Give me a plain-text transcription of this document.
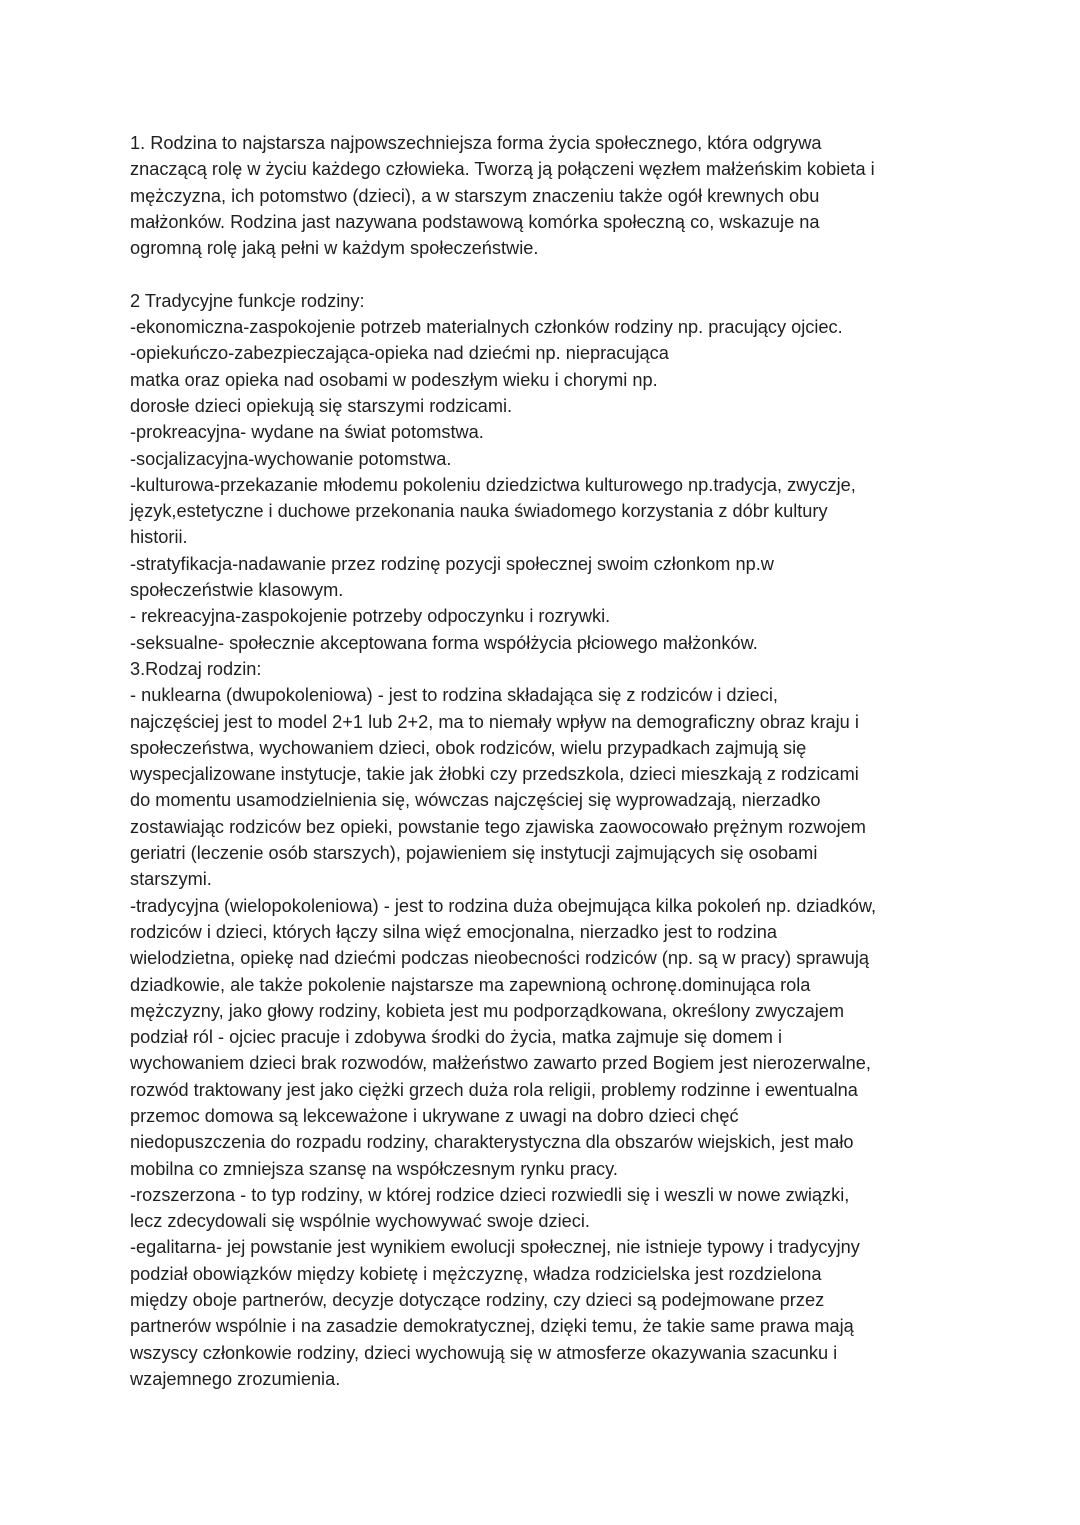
1. Rodzina to najstarsza najpowszechniejsza forma życia społecznego, która odgrywa
znaczącą rolę w życiu każdego człowieka. Tworzą ją połączeni węzłem małżeńskim kobieta i
mężczyzna, ich potomstwo (dzieci), a w starszym znaczeniu także ogół krewnych obu
małżonków. Rodzina jast nazywana podstawową komórka społeczną co, wskazuje na
ogromną rolę jaką pełni w każdym społeczeństwie.
2 Tradycyjne funkcje rodziny:
-ekonomiczna-zaspokojenie potrzeb materialnych członków rodziny np. pracujący ojciec.
-opiekuńczo-zabezpieczająca-opieka nad dziećmi np. niepracująca
matka oraz opieka nad osobami w podeszłym wieku i chorymi np.
dorosłe dzieci opiekują się starszymi rodzicami.
-prokreacyjna- wydane na świat potomstwa.
-socjalizacyjna-wychowanie potomstwa.
-kulturowa-przekazanie młodemu pokoleniu dziedzictwa kulturowego np.tradycja, zwyczje,
język,estetyczne i duchowe przekonania nauka świadomego korzystania z dóbr kultury
historii.
-stratyfikacja-nadawanie przez rodzinę pozycji społecznej swoim członkom np.w
społeczeństwie klasowym.
- rekreacyjna-zaspokojenie potrzeby odpoczynku i rozrywki.
-seksualne- społecznie akceptowana forma współżycia płciowego małżonków.
3.Rodzaj rodzin:
- nuklearna (dwupokoleniowa) - jest to rodzina składająca się z rodziców i dzieci,
najczęściej jest to model 2+1 lub 2+2, ma to niemały wpływ na demograficzny obraz kraju i
społeczeństwa, wychowaniem dzieci, obok rodziców, wielu przypadkach zajmują się
wyspecjalizowane instytucje, takie jak żłobki czy przedszkola, dzieci mieszkają z rodzicami
do momentu usamodzielnienia się, wówczas najczęściej się wyprowadzają, nierzadko
zostawiając rodziców bez opieki, powstanie tego zjawiska zaowocowało prężnym rozwojem
geriatri (leczenie osób starszych), pojawieniem się instytucji zajmujących się osobami
starszymi.
-tradycyjna (wielopokoleniowa) - jest to rodzina duża obejmująca kilka pokoleń np. dziadków,
rodziców i dzieci, których łączy silna więź emocjonalna, nierzadko jest to rodzina
wielodzietna, opiekę nad dziećmi podczas nieobecności rodziców (np. są w pracy) sprawują
dziadkowie, ale także pokolenie najstarsze ma zapewnioną ochronę.dominująca rola
mężczyzny, jako głowy rodziny, kobieta jest mu podporządkowana, określony zwyczajem
podział ról - ojciec pracuje i zdobywa środki do życia, matka zajmuje się domem i
wychowaniem dzieci brak rozwodów, małżeństwo zawarto przed Bogiem jest nierozerwalne,
rozwód traktowany jest jako ciężki grzech duża rola religii, problemy rodzinne i ewentualna
przemoc domowa są lekceważone i ukrywane z uwagi na dobro dzieci chęć
niedopuszczenia do rozpadu rodziny, charakterystyczna dla obszarów wiejskich, jest mało
mobilna co zmniejsza szansę na współczesnym rynku pracy.
-rozszerzona - to typ rodziny, w której rodzice dzieci rozwiedli się i weszli w nowe związki,
lecz zdecydowali się wspólnie wychowywać swoje dzieci.
-egalitarna- jej powstanie jest wynikiem ewolucji społecznej, nie istnieje typowy i tradycyjny
podział obowiązków między kobietę i mężczyznę, władza rodzicielska jest rozdzielona
między oboje partnerów, decyzje dotyczące rodziny, czy dzieci są podejmowane przez
partnerów wspólnie i na zasadzie demokratycznej, dzięki temu, że takie same prawa mają
wszyscy członkowie rodziny, dzieci wychowują się w atmosferze okazywania szacunku i
wzajemnego zrozumienia.
